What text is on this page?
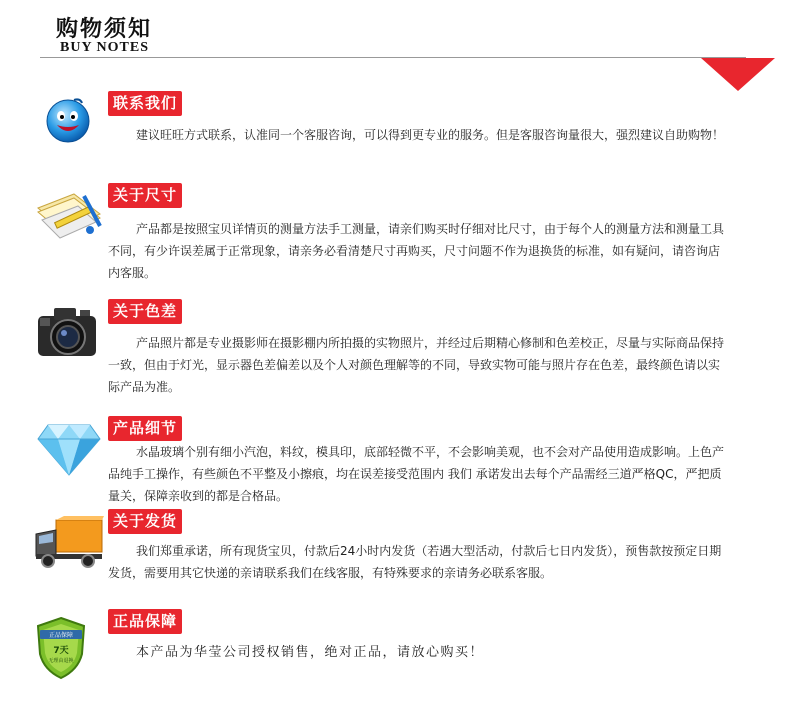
购物须知
BUY NOTES
联系我们
建议旺旺方式联系，认准同一个客服咨询，可以得到更专业的服务。但是客服咨询量很大，强烈建议自助购物！
关于尺寸
产品都是按照宝贝详情页的测量方法手工测量，请亲们购买时仔细对比尺寸，由于每个人的测量方法和测量工具不同，有少许误差属于正常现象，请亲务必看清楚尺寸再购买，尺寸问题不作为退换货的标准，如有疑问，请咨询店内客服。
关于色差
产品照片都是专业摄影师在摄影棚内所拍摄的实物照片，并经过后期精心修制和色差校正，尽量与实际商品保持一致，但由于灯光，显示器色差偏差以及个人对颜色理解等的不同，导致实物可能与照片存在色差，最终颜色请以实际产品为准。
产品细节
水晶玻璃个别有细小汽泡，料纹，模具印，底部轻微不平，不会影响美观，也不会对产品使用造成影响。上色产品纯手工操作，有些颜色不平整及小擦痕，均在误差接受范围内 我们 承诺发出去每个产品需经三道严格QC，严把质量关，保障亲收到的都是合格品。
关于发货
我们郑重承诺，所有现货宝贝，付款后24小时内发货（若遇大型活动，付款后七日内发货），预售款按预定日期发货，需要用其它快递的亲请联系我们在线客服，有特殊要求的亲请务必联系客服。
正品保障
7天
无理由退换
正品保障
本产品为华莹公司授权销售，绝对正品，请放心购买！
